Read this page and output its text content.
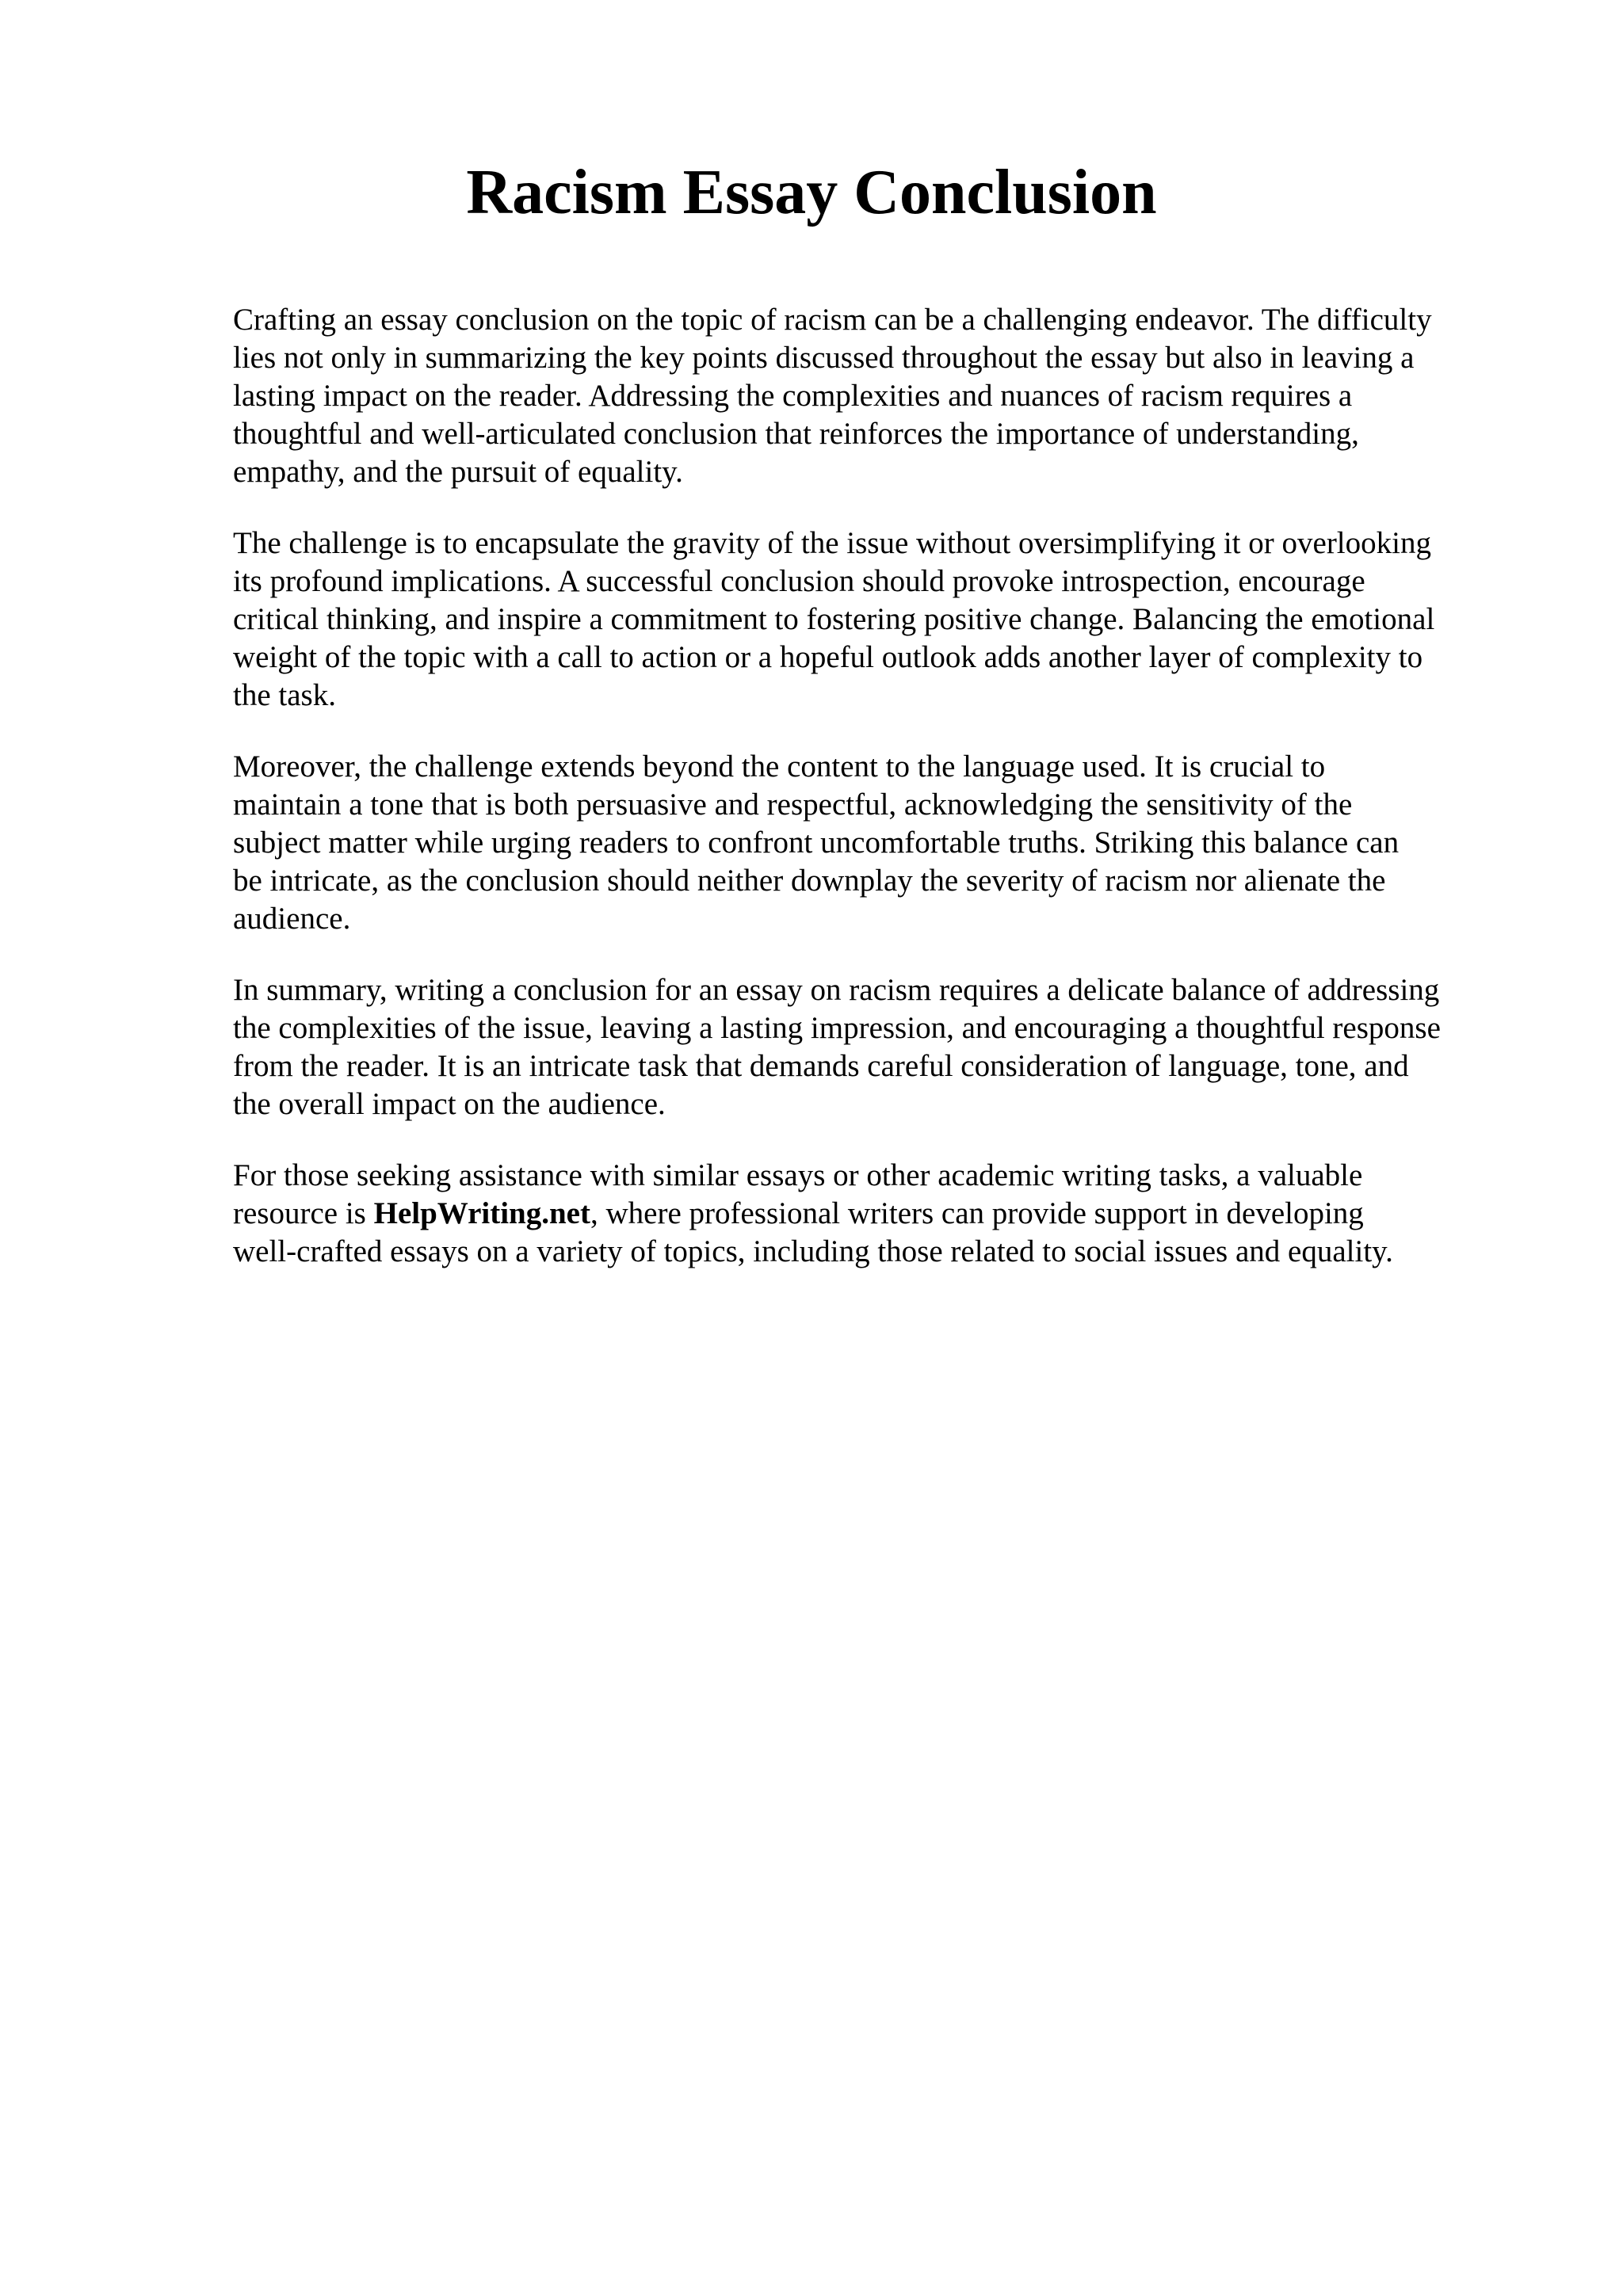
Racism Essay Conclusion

Crafting an essay conclusion on the topic of racism can be a challenging endeavor. The difficulty
lies not only in summarizing the key points discussed throughout the essay but also in leaving a
lasting impact on the reader. Addressing the complexities and nuances of racism requires a
thoughtful and well-articulated conclusion that reinforces the importance of understanding,
empathy, and the pursuit of equality.

The challenge is to encapsulate the gravity of the issue without oversimplifying it or overlooking
its profound implications. A successful conclusion should provoke introspection, encourage
critical thinking, and inspire a commitment to fostering positive change. Balancing the emotional
weight of the topic with a call to action or a hopeful outlook adds another layer of complexity to
the task.

Moreover, the challenge extends beyond the content to the language used. It is crucial to
maintain a tone that is both persuasive and respectful, acknowledging the sensitivity of the
subject matter while urging readers to confront uncomfortable truths. Striking this balance can
be intricate, as the conclusion should neither downplay the severity of racism nor alienate the
audience.

In summary, writing a conclusion for an essay on racism requires a delicate balance of addressing
the complexities of the issue, leaving a lasting impression, and encouraging a thoughtful response
from the reader. It is an intricate task that demands careful consideration of language, tone, and
the overall impact on the audience.

For those seeking assistance with similar essays or other academic writing tasks, a valuable
resource is HelpWriting.net, where professional writers can provide support in developing
well-crafted essays on a variety of topics, including those related to social issues and equality.
